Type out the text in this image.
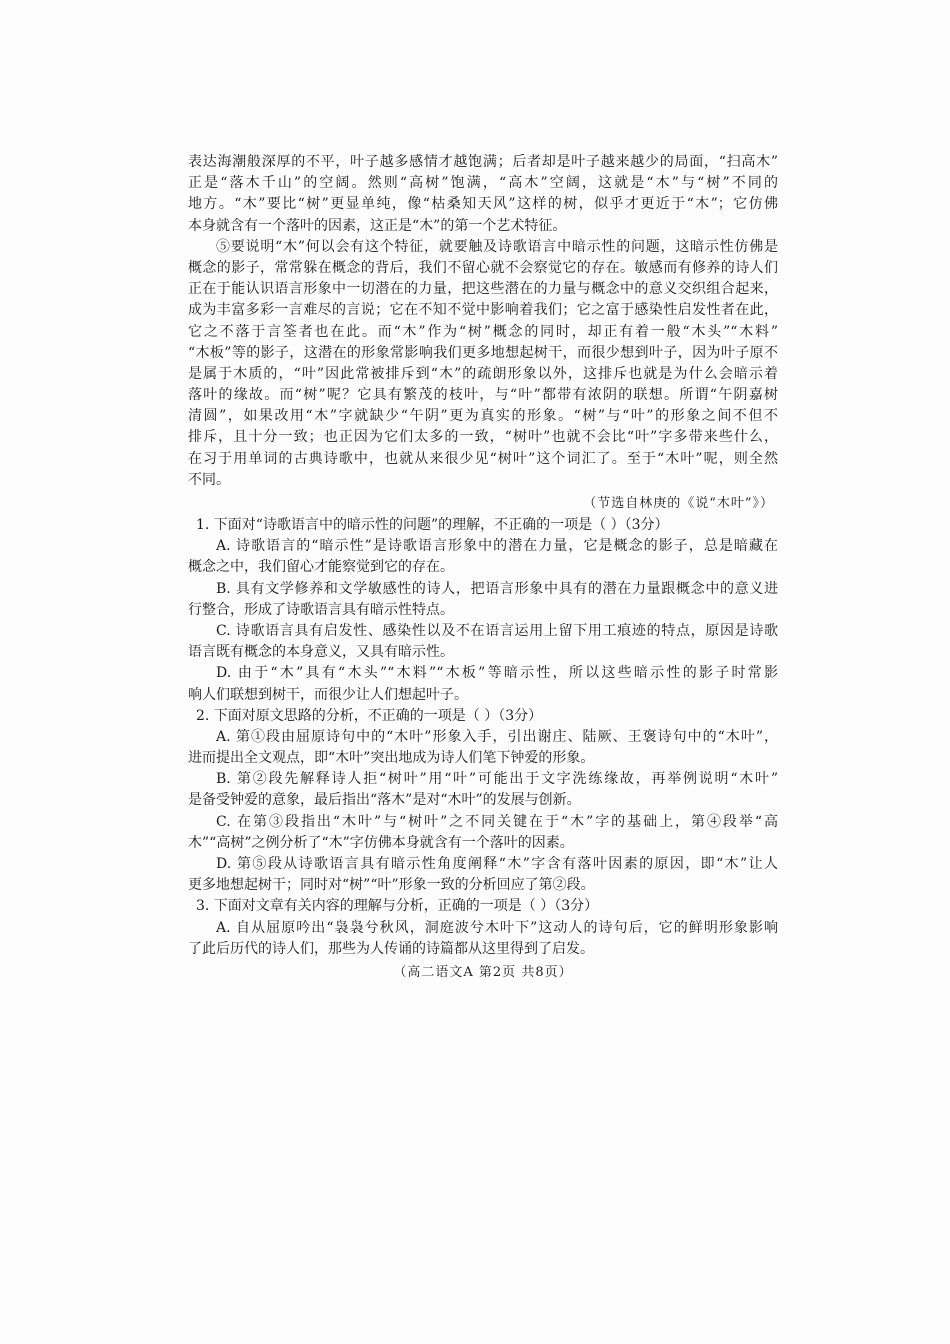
表达海潮般深厚的不平，叶子越多感情才越饱满；后者却是叶子越来越少的局面，“扫高木”
正是“落木千山”的空阔。然则“高树”饱满，“高木”空阔，这就是“木”与“树”不同的
地方。“木”要比“树”更显单纯，像“枯桑知天风”这样的树，似乎才更近于“木”；它仿佛
本身就含有一个落叶的因素，这正是“木”的第一个艺术特征。
⑤要说明“木”何以会有这个特征，就要触及诗歌语言中暗示性的问题，这暗示性仿佛是
概念的影子，常常躲在概念的背后，我们不留心就不会察觉它的存在。敏感而有修养的诗人们
正在于能认识语言形象中一切潜在的力量，把这些潜在的力量与概念中的意义交织组合起来，
成为丰富多彩一言难尽的言说；它在不知不觉中影响着我们；它之富于感染性启发性者在此，
它之不落于言筌者也在此。而“木”作为“树”概念的同时，却正有着一般“木头”“木料”
“木板”等的影子，这潜在的形象常影响我们更多地想起树干，而很少想到叶子，因为叶子原不
是属于木质的，“叶”因此常被排斥到“木”的疏朗形象以外，这排斥也就是为什么会暗示着
落叶的缘故。而“树”呢？它具有繁茂的枝叶，与“叶”都带有浓阴的联想。所谓“午阴嘉树
清圆”，如果改用“木”字就缺少“午阴”更为真实的形象。“树”与“叶”的形象之间不但不
排斥，且十分一致；也正因为它们太多的一致，“树叶”也就不会比“叶”字多带来些什么，
在习于用单词的古典诗歌中，也就从来很少见“树叶”这个词汇了。至于“木叶”呢，则全然
不同。
（节选自林庚的《说“木叶”》）
1. 下面对“诗歌语言中的暗示性的问题”的理解，不正确的一项是（ ）（3分）
A. 诗歌语言的“暗示性”是诗歌语言形象中的潜在力量，它是概念的影子，总是暗藏在
概念之中，我们留心才能察觉到它的存在。
B. 具有文学修养和文学敏感性的诗人，把语言形象中具有的潜在力量跟概念中的意义进
行整合，形成了诗歌语言具有暗示性特点。
C. 诗歌语言具有启发性、感染性以及不在语言运用上留下用工痕迹的特点，原因是诗歌
语言既有概念的本身意义，又具有暗示性。
D. 由于“木”具有“木头”“木料”“木板”等暗示性，所以这些暗示性的影子时常影
响人们联想到树干，而很少让人们想起叶子。
2. 下面对原文思路的分析，不正确的一项是（ ）（3分）
A. 第①段由屈原诗句中的“木叶”形象入手，引出谢庄、陆厥、王褒诗句中的“木叶”，
进而提出全文观点，即“木叶”突出地成为诗人们笔下钟爱的形象。
B. 第②段先解释诗人拒“树叶”用“叶”可能出于文字洗练缘故，再举例说明“木叶”
是备受钟爱的意象，最后指出“落木”是对“木叶”的发展与创新。
C. 在第③段指出“木叶”与“树叶”之不同关键在于“木”字的基础上，第④段举“高
木”“高树”之例分析了“木”字仿佛本身就含有一个落叶的因素。
D. 第⑤段从诗歌语言具有暗示性角度阐释“木”字含有落叶因素的原因，即“木”让人
更多地想起树干；同时对“树”“叶”形象一致的分析回应了第②段。
3. 下面对文章有关内容的理解与分析，正确的一项是（ ）（3分）
A. 自从屈原吟出“袅袅兮秋风，洞庭波兮木叶下”这动人的诗句后，它的鲜明形象影响
了此后历代的诗人们，那些为人传诵的诗篇都从这里得到了启发。
（高二语文A 第2页 共8页）
